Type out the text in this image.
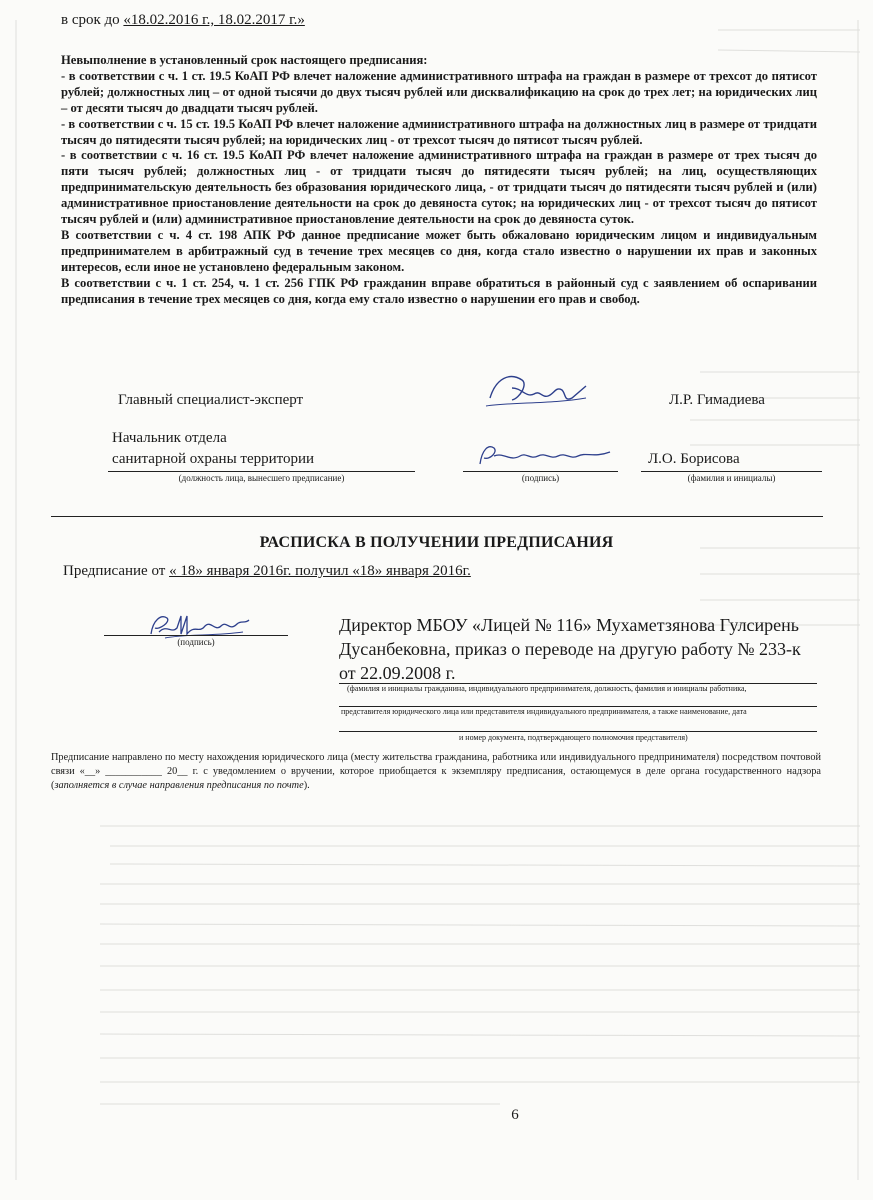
в срок до «18.02.2016 г., 18.02.2017 г.»

Невыполнение в установленный срок настоящего предписания:

- в соответствии с ч. 1 ст. 19.5 КоАП РФ влечет наложение административного штрафа на граждан в размере от трехсот до пятисот рублей; должностных лиц – от одной тысячи до двух тысяч рублей или дисквалификацию на срок до трех лет; на юридических лиц – от десяти тысяч до двадцати тысяч рублей.

- в соответствии с ч. 15 ст. 19.5 КоАП РФ влечет наложение административного штрафа на должностных лиц в размере от тридцати тысяч до пятидесяти тысяч рублей; на юридических лиц - от трехсот тысяч до пятисот тысяч рублей.

- в соответствии с ч. 16 ст. 19.5 КоАП РФ влечет наложение административного штрафа на граждан в размере от трех тысяч до пяти тысяч рублей; должностных лиц - от тридцати тысяч до пятидесяти тысяч рублей; на лиц, осуществляющих предпринимательскую деятельность без образования юридического лица, - от тридцати тысяч до пятидесяти тысяч рублей и (или) административное приостановление деятельности на срок до девяноста суток; на юридических лиц - от трехсот тысяч до пятисот тысяч рублей и (или) административное приостановление деятельности на срок до девяноста суток.

В соответствии с ч. 4 ст. 198 АПК РФ данное предписание может быть обжаловано юридическим лицом и индивидуальным предпринимателем в арбитражный суд в течение трех месяцев со дня, когда стало известно о нарушении их прав и законных интересов, если иное не установлено федеральным законом.

В соответствии с ч. 1 ст. 254, ч. 1 ст. 256 ГПК РФ гражданин вправе обратиться в районный суд с заявлением об оспаривании предписания в течение трех месяцев со дня, когда ему стало известно о нарушении его прав и свобод.

Главный специалист-эксперт	Л.Р. Гимадиева
Начальник отдела
санитарной охраны территории	Л.О. Борисова
(должность лица, вынесшего предписание)	(подпись)	(фамилия и инициалы)
РАСПИСКА В ПОЛУЧЕНИИ ПРЕДПИСАНИЯ
Предписание от « 18» января 2016г. получил «18» января 2016г.
(подпись)
Директор МБОУ «Лицей № 116» Мухаметзянова Гулсирень Дусанбековна, приказ о переводе на другую работу № 233-к от 22.09.2008 г.
(фамилия и инициалы гражданина, индивидуального предпринимателя, должность, фамилия и инициалы работника,
представителя юридического лица или представителя индивидуального предпринимателя, а также наименование, дата
и номер документа, подтверждающего полномочия представителя)
Предписание направлено по месту нахождения юридического лица (месту жительства гражданина, работника или индивидуального предпринимателя) посредством почтовой связи «__» ___________ 20__ г. с уведомлением о вручении, которое приобщается к экземпляру предписания, остающемуся в деле органа государственного надзора (заполняется в случае направления предписания по почте).
6
